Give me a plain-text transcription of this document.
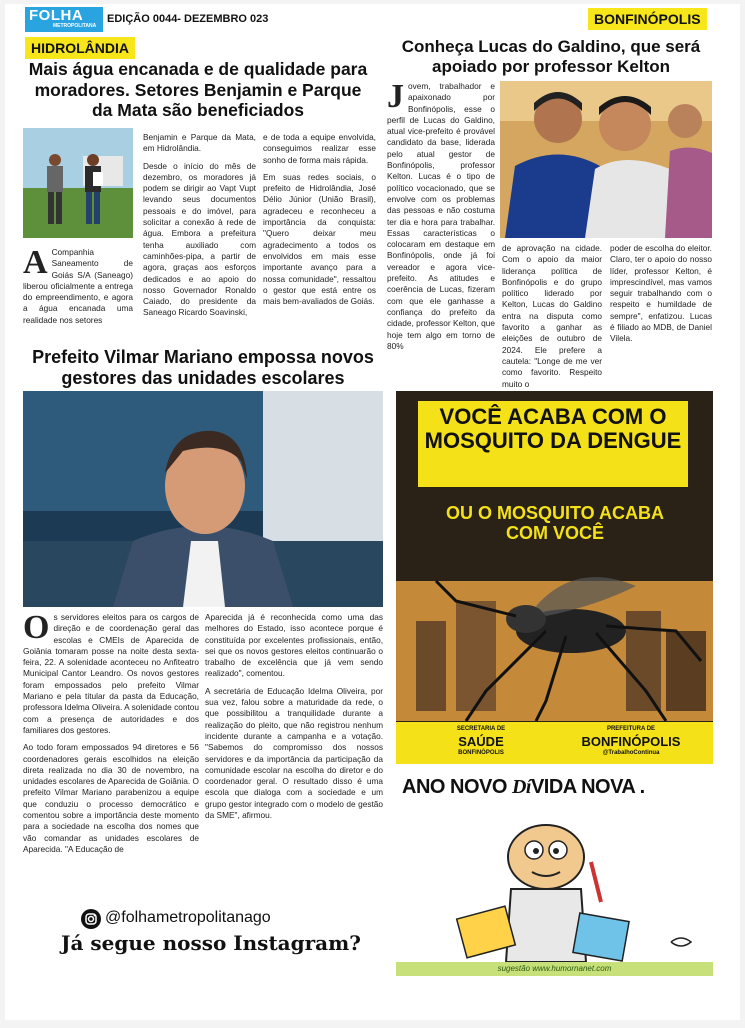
FOLHA
METROPOLITANA
EDIÇÃO 0044- DEZEMBRO 023	BONFINÓPOLIS
HIDROLÂNDIA
Mais água encanada e de qualidade para moradores. Setores Benjamin e Parque da Mata são beneficiados
A Companhia Saneamento de Goiás S/A (Saneago) liberou oficialmente a entrega do empreendimento, e agora a água encanada uma realidade nos setores

Benjamin e Parque da Mata, em Hidrolândia.

Desde o início do mês de dezembro, os moradores já podem se dirigir ao Vapt Vupt levando seus documentos pessoais e do imóvel, para solicitar a conexão à rede de água. Embora a prefeitura tenha auxiliado com caminhões-pipa, a partir de agora, graças aos esforços dedicados e ao apoio do nosso Governador Ronaldo Caiado, do presidente da Saneago Ricardo Soavinski,

e de toda a equipe envolvida, conseguimos realizar esse sonho de forma mais rápida.

Em suas redes sociais, o prefeito de Hidrolândia, José Délio Júnior (União Brasil), agradeceu e reconheceu a importância da conquista: "Quero deixar meu agradecimento a todos os envolvidos em mais esse importante avanço para a nossa comunidade", ressaltou o gestor que está entre os mais bem-avaliados de Goiás.

Conheça Lucas do Galdino, que será apoiado por professor Kelton
J ovem, trabalhador e apaixonado por Bonfinópolis, esse o perfil de Lucas do Galdino, atual vice-prefeito é provável candidato da base, liderada pelo atual gestor de Bonfinópolis, professor Kelton. Lucas é o tipo de político vocacionado, que se envolve com os problemas das pessoas e não costuma ter dia e hora para trabalhar. Essas características o colocaram em destaque em Bonfinópolis, onde já foi vereador e agora vice-prefeito. As atitudes e coerência de Lucas, fizeram com que ele ganhasse a confiança do prefeito da cidade, professor Kelton, que hoje tem algo em torno de 80%
de aprovação na cidade. Com o apoio da maior liderança política de Bonfinópolis e do grupo político liderado por Kelton, Lucas do Galdino entra na disputa como favorito a ganhar as eleições de outubro de 2024. Ele prefere a cautela: "Longe de me ver como favorito. Respeito muito o
poder de escolha do eleitor. Claro, ter o apoio do nosso líder, professor Kelton, é imprescindível, mas vamos seguir trabalhando com o respeito e humildade de sempre", enfatizou. Lucas é filiado ao MDB, de Daniel Vilela.
Prefeito Vilmar Mariano empossa novos gestores das unidades escolares

O s servidores eleitos para os cargos de direção e de coordenação geral das escolas e CMEIs de Aparecida de Goiânia tomaram posse na noite desta sexta-feira, 22. A solenidade aconteceu no Anfiteatro Municipal Cantor Leandro. Os novos gestores foram empossados pelo prefeito Vilmar Mariano e pela titular da pasta da Educação, professora Idelma Oliveira. A solenidade contou com a presença de autoridades e dos familiares dos gestores.

Ao todo foram empossados 94 diretores e 56 coordenadores gerais escolhidos na eleição direta realizada no dia 30 de novembro, na unidades escolares de Aparecida de Goiânia. O prefeito Vilmar Mariano parabenizou a equipe que conduziu o processo democrático e comentou sobre a importância deste momento para a sociedade na escolha dos nomes que vão comandar as unidades escolares de Aparecida. "A Educação de

Aparecida já é reconhecida como uma das melhores do Estado, isso acontece porque é constituída por excelentes profissionais, então, sei que os novos gestores eleitos continuarão o trabalho de excelência que já vem sendo realizado", comentou.

A secretária de Educação Idelma Oliveira, por sua vez, falou sobre a maturidade da rede, o que possibilitou a tranquilidade durante a realização do pleito, que não registrou nenhum incidente durante a campanha e a votação. "Sabemos do compromisso dos nossos servidores e da importância da participação da comunidade escolar na escolha do diretor e do coordenador geral. O resultado disso é uma escola que dialoga com a sociedade e um grupo gestor integrado com o modelo de gestão da SME", afirmou.

VOCÊ ACABA COM O MOSQUITO DA DENGUE
OU O MOSQUITO ACABA COM VOCÊ
SECRETARIA DE
SAÚDE
BONFINÓPOLIS
PREFEITURA DE
BONFINÓPOLIS
@TrabalhoContinua
ANO NOVO DíVIDA NOVA .
sugestão www.humornanet.com
@folhametropolitanago
Já segue nosso Instagram?
